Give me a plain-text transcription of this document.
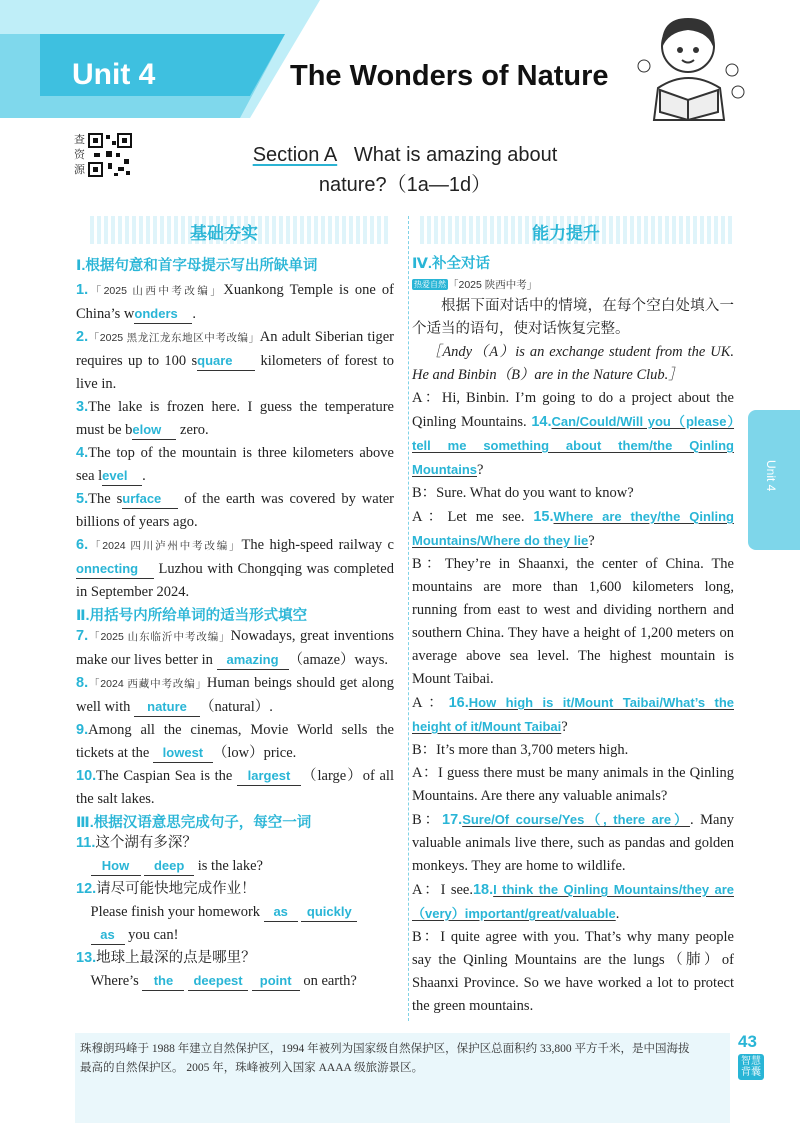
Unit 4	The Wonders of Nature
查资源
Section A What is amazing about
nature?（1a—1d）
基础夯实	能力提升
Ⅰ.根据句意和首字母提示写出所缺单词
1.「2025 山西中考改编」Xuankong Temple is one of China’s wonders .
2.「2025 黑龙江龙东地区中考改编」An adult Siberian tiger requires up to 100 square kilometers of forest to live in.
3.The lake is frozen here. I guess the temperature must be below zero.
4.The top of the mountain is three kilometers above sea level .
5.The surface of the earth was covered by water billions of years ago.
6.「2024 四川泸州中考改编」The high-speed railway connecting Luzhou with Chongqing was completed in September 2024.
Ⅱ.用括号内所给单词的适当形式填空
7.「2025 山东临沂中考改编」Nowadays, great inventions make our lives better in amazing （amaze）ways.
8.「2024 西藏中考改编」Human beings should get along well with nature （natural）.
9.Among all the cinemas, Movie World sells the tickets at the lowest （low）price.
10.The Caspian Sea is the largest （large）of all the salt lakes.
Ⅲ.根据汉语意思完成句子，每空一词
11.这个湖有多深？
How deep is the lake?
12.请尽可能快地完成作业！
Please finish your homework as quickly
as you can!
13.地球上最深的点是哪里？
Where’s the deepest point on earth?
Ⅳ.补全对话
热爱自然 「2025 陕西中考」
根据下面对话中的情境，在每个空白处填入一个适当的语句，使对话恢复完整。
［Andy（A）is an exchange student from the UK. He and Binbin（B）are in the Nature Club.］
A：Hi, Binbin. I’m going to do a project about the Qinling Mountains. 14.Can/Could/Will you（please）tell me something about them/the Qinling Mountains?
B：Sure. What do you want to know?
A：Let me see. 15.Where are they/the Qinling Mountains/Where do they lie?
B：They’re in Shaanxi, the center of China. The mountains are more than 1,600 kilometers long, running from east to west and dividing northern and southern China. They have a height of 1,200 meters on average above sea level. The highest mountain is Mount Taibai.
A：16.How high is it/Mount Taibai/What’s the height of it/Mount Taibai?
B：It’s more than 3,700 meters high.
A：I guess there must be many animals in the Qinling Mountains. Are there any valuable animals?
B：17.Sure/Of course/Yes（, there are）. Many valuable animals live there, such as pandas and golden monkeys. They are home to wildlife.
A：I see.18.I think the Qinling Mountains/they are（very）important/great/valuable.
B：I quite agree with you. That’s why many people say the Qinling Mountains are the lungs（肺）of Shaanxi Province. So we have worked a lot to protect the green mountains.
Unit 4
珠穆朗玛峰于 1988 年建立自然保护区，1994 年被列为国家级自然保护区，保护区总面积约 33,800 平方千米，是中国海拔最高的自然保护区。 2005 年，珠峰被列入国家 AAAA 级旅游景区。
43
智慧背囊
